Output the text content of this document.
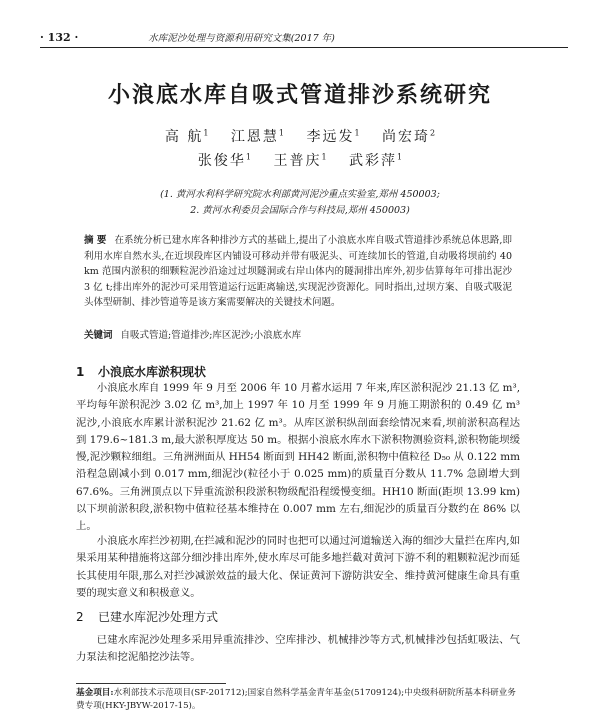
· 132 ·	水库泥沙处理与资源利用研究文集(2017 年)
小浪底水库自吸式管道排沙系统研究
高 航$^1$ 江恩慧$^1$ 李远发$^1$ 尚宏琦$^2$
张俊华$^1$ 王普庆$^1$ 武彩萍$^1$
(1. 黄河水利科学研究院水利部黄河泥沙重点实验室,郑州 450003;
2. 黄河水利委员会国际合作与科技局,郑州 450003)
摘 要 在系统分析已建水库各种排沙方式的基础上,提出了小浪底水库自吸式管道排沙系统总体思路,即利用水库自然水头,在近坝段库区内铺设可移动并带有吸泥头、可连续加长的管道,自动吸将坝前约 40 km 范围内淤积的细颗粒泥沙沿途过过坝隧洞或右岸山体内的隧洞排出库外,初步估算每年可排出泥沙 3 亿 t;排出库外的泥沙可采用管道运行远距离输送,实现泥沙资源化。同时指出,过坝方案、自吸式吸泥头体型研制、排沙管道等是该方案需要解决的关键技术问题。
关键词 自吸式管道;管道排沙;库区泥沙;小浪底水库
1 小浪底水库淤积现状
小浪底水库自 1999 年 9 月至 2006 年 10 月蓄水运用 7 年来,库区淤积泥沙 21.13 亿 m³,平均每年淤积泥沙 3.02 亿 m³,加上 1997 年 10 月至 1999 年 9 月施工期淤积的 0.49 亿 m³ 泥沙,小浪底水库累计淤积泥沙 21.62 亿 m³。从库区淤积纵剖面套绘情况来看,坝前淤积高程达到 179.6~181.3 m,最大淤积厚度达 50 m。根据小浪底水库水下淤积物测验资料,淤积物能坝缓慢,泥沙颗粒细组。三角洲洲面从 HH54 断面到 HH42 断面,淤积物中值粒径 D₅₀ 从 0.122 mm 沿程急剧减小到 0.017 mm,细泥沙(粒径小于 0.025 mm)的质量百分数从 11.7% 急剧增大到 67.6%。三角洲顶点以下异重流淤积段淤积物级配沿程缓慢变细。HH10 断面(距坝 13.99 km)以下坝前淤积段,淤积物中值粒径基本维持在 0.007 mm 左右,细泥沙的质量百分数约在 86% 以上。
小浪底水库拦沙初期,在拦减和泥沙的同时也把可以通过河道输送入海的细沙大量拦在库内,如果采用某种措施将这部分细沙排出库外,使水库尽可能多地拦截对黄河下游不利的粗颗粒泥沙而延长其使用年限,那么对拦沙减淤效益的最大化、保证黄河下游防洪安全、维持黄河健康生命具有重要的现实意义和积极意义。
2 已建水库泥沙处理方式
已建水库泥沙处理多采用异重流排沙、空库排沙、机械排沙等方式,机械排沙包括虹吸法、气力泵法和挖泥船挖沙法等。
基金项目:水利部技术示范项目(SF-201712);国家自然科学基金青年基金(51709124);中央级科研院所基本科研业务费专项(HKY-JBYW-2017-15)。
